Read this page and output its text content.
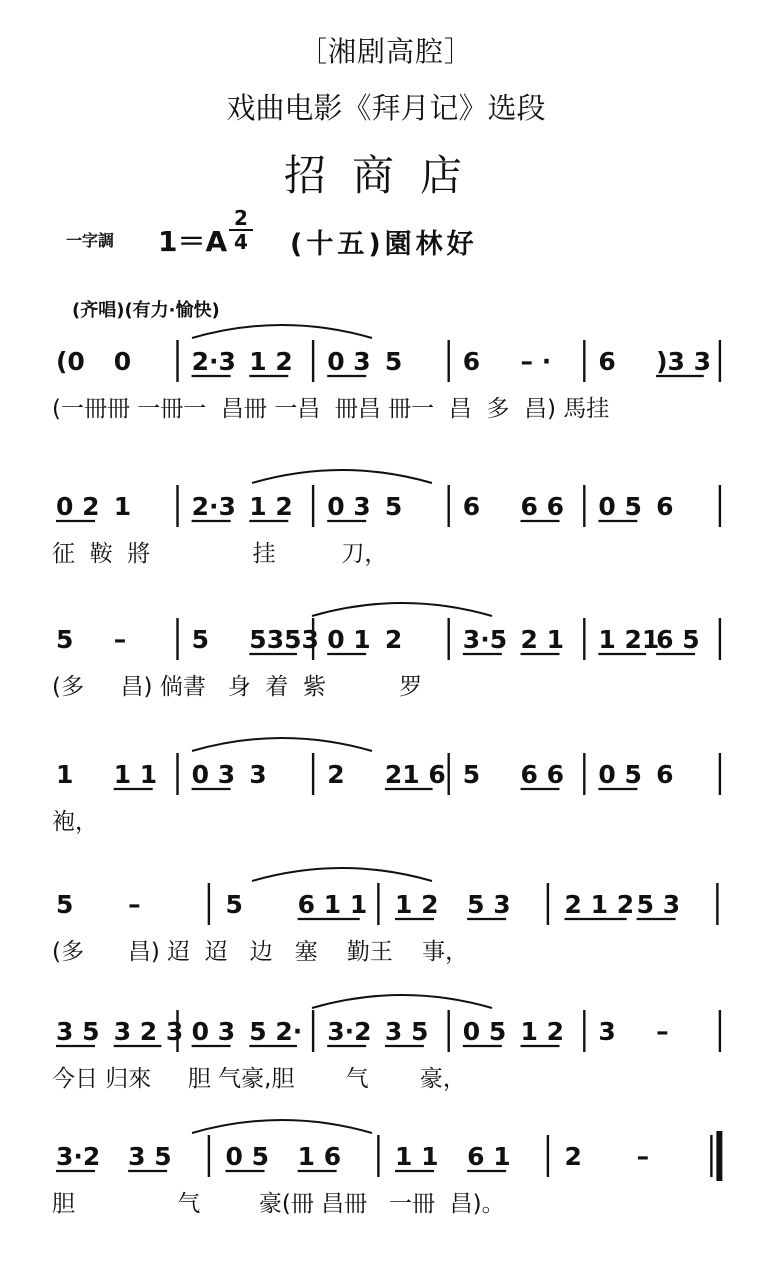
［湘剧高腔］
戏曲电影《拜月记》选段
招商店
一字調 1＝A
2
4 (十五)園林好
(齐唱)(有力·愉快)
(0 0 2·3 1 2 0 3 5 6 – · 6 )3 3
(一冊冊 一冊一  昌冊 一昌  冊昌 冊一  昌  多  昌) 馬挂
0 2 1 2·3 1 2 0 3 5 6 6 6 0 5 6
征  鞍  將              挂         刀，
5 –	5 5353 0 1 2 3·5 2 1 1 21
6 5
(多     昌) 倘書   身  着  紫          罗
1 1 1 0 3 3 2 21 6 5 6 6 0 5 6
袍，
5 –	5 6 1 1 1 2 5 3 2 1 2 5 3
(多      昌) 迢  迢   边   塞    勤王    事，
3 5 3 2 3 0 3 5 2· 3·2 3 5 0 5 1 2 3 –
今日 归來     胆 气豪,胆       气       豪，
3·2 3 5 0 5 1 6 1 1 6 1 2 –
胆              气        豪(冊 昌冊   一冊  昌)。
